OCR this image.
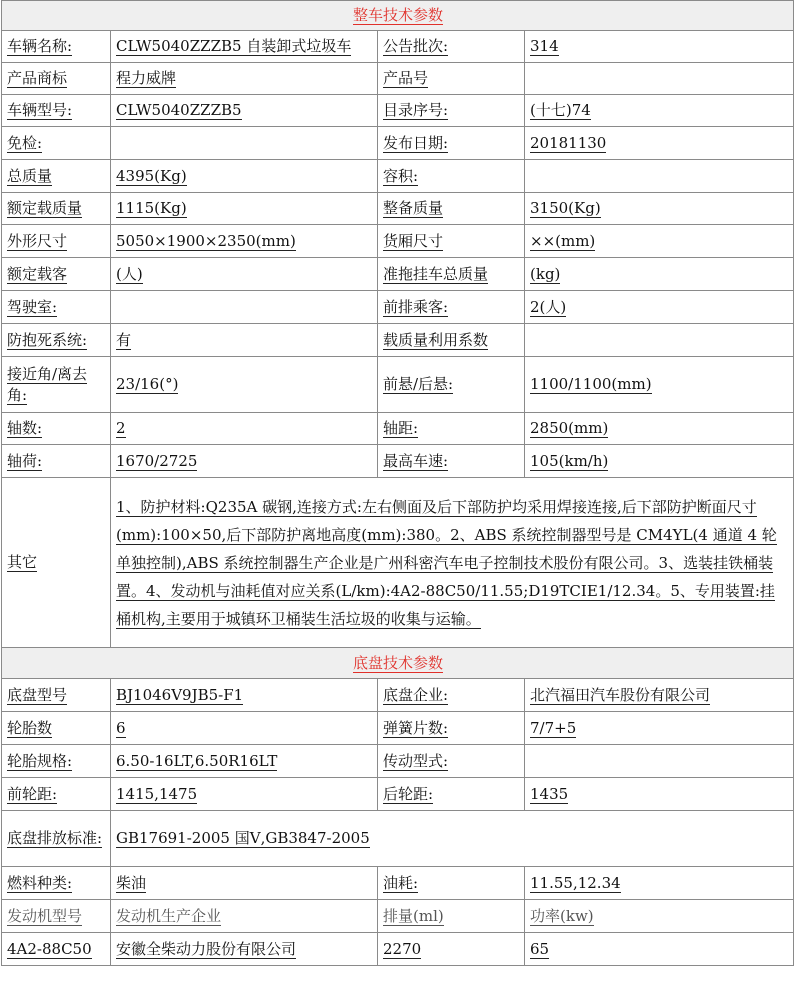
整车技术参数			
车辆名称:	CLW5040ZZZB5 自装卸式垃圾车	公告批次:	314
产品商标	程力威牌	产品号	
车辆型号:	CLW5040ZZZB5	目录序号:	(十七)74
免检:		发布日期:	20181130
总质量	4395(Kg)	容积:	
额定载质量	1115(Kg)	整备质量	3150(Kg)
外形尺寸	5050×1900×2350(mm)	货厢尺寸	××(mm)
额定载客	(人)	准拖挂车总质量	(kg)
驾驶室:		前排乘客:	2(人)
防抱死系统:	有	载质量利用系数	
接近角/离去角:	23/16(°)	前悬/后悬:	1100/1100(mm)
轴数:	2	轴距:	2850(mm)
轴荷:	1670/2725	最高车速:	105(km/h)
其它	1、防护材料:Q235A 碳钢,连接方式:左右侧面及后下部防护均采用焊接连接,后下部防护断面尺寸(mm):100×50,后下部防护离地高度(mm):380。2、ABS 系统控制器型号是 CM4YL(4 通道 4 轮单独控制),ABS 系统控制器生产企业是广州科密汽车电子控制技术股份有限公司。3、选装挂铁桶装置。4、发动机与油耗值对应关系(L/km):4A2-88C50/11.55;D19TCIE1/12.34。5、专用装置:挂桶机构,主要用于城镇环卫桶装生活垃圾的收集与运输。		
底盘技术参数			
底盘型号	BJ1046V9JB5-F1	底盘企业:	北汽福田汽车股份有限公司
轮胎数	6	弹簧片数:	7/7+5
轮胎规格:	6.50-16LT,6.50R16LT	传动型式:	
前轮距:	1415,1475	后轮距:	1435
底盘排放标准:	GB17691-2005 国Ⅴ,GB3847-2005		
燃料种类:	柴油	油耗:	11.55,12.34
发动机型号	发动机生产企业	排量(ml)	功率(kw)
4A2-88C50	安徽全柴动力股份有限公司	2270	65
